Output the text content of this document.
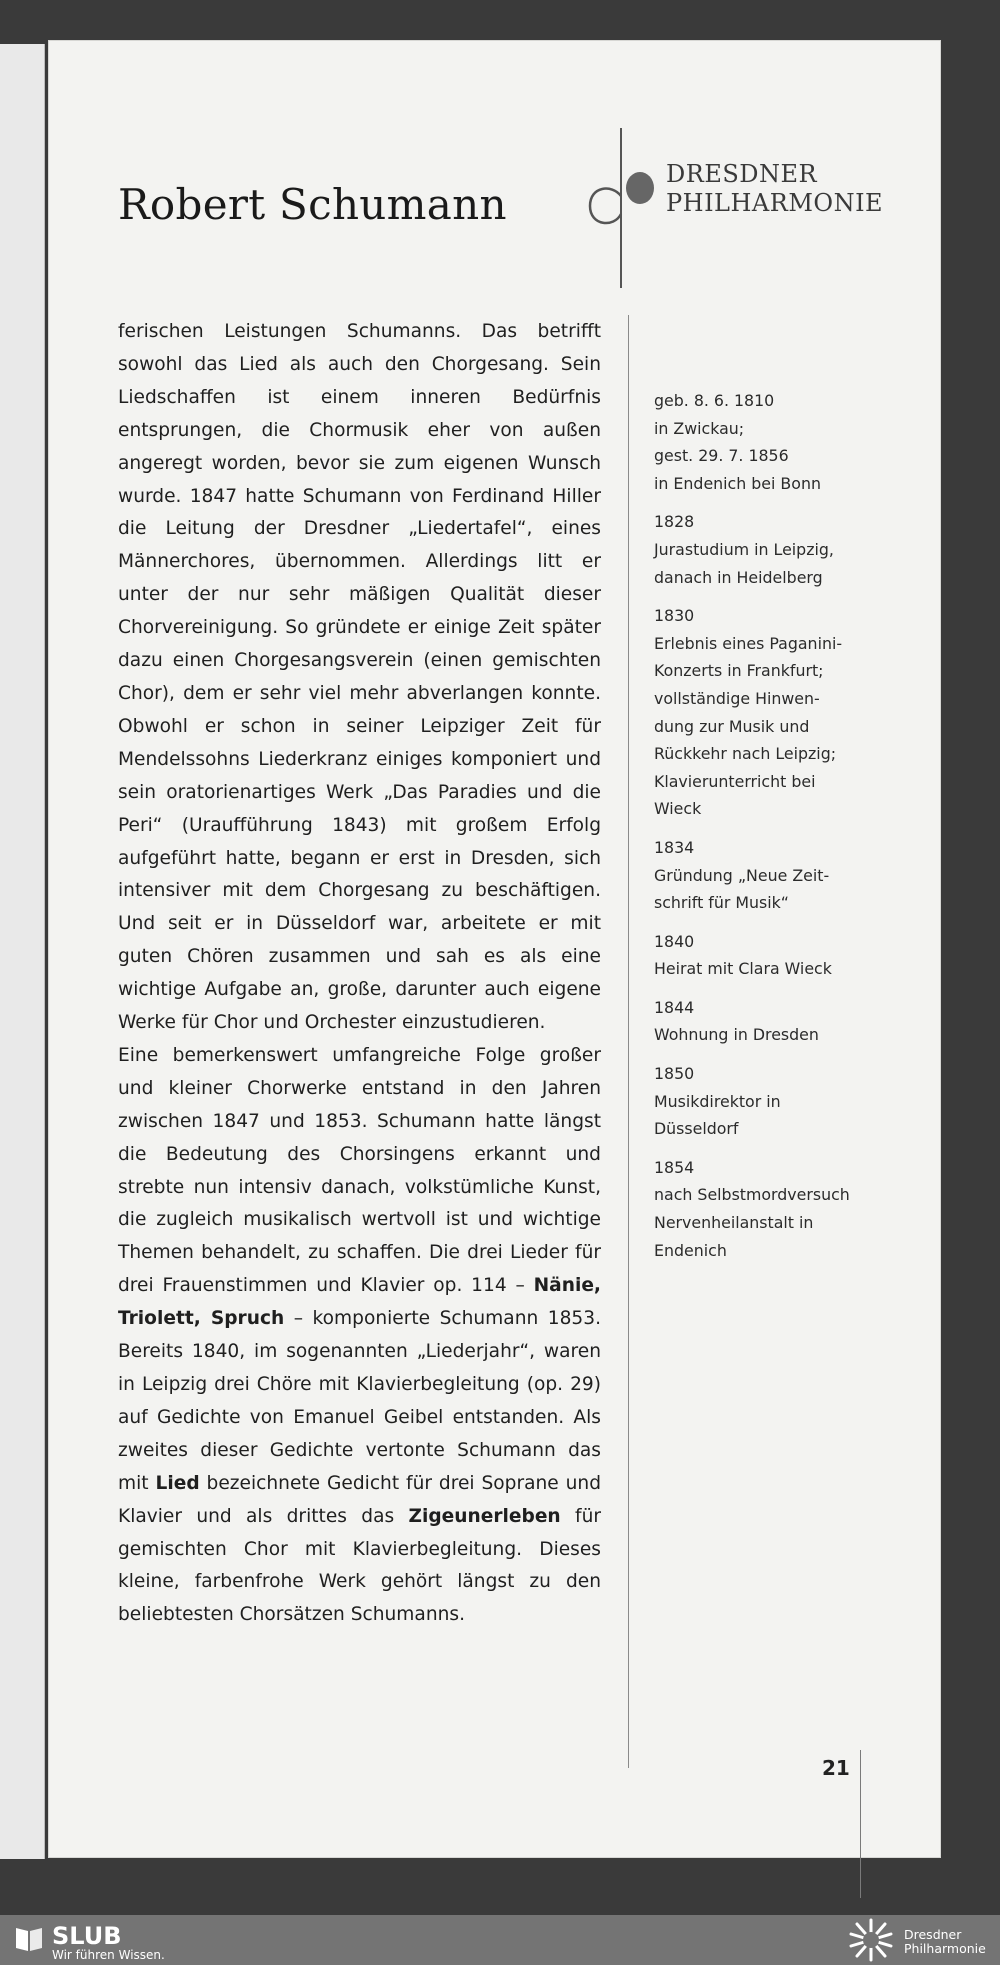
DRESDNER
PHILHARMONIE
Robert Schumann

ferischen Leistungen Schumanns. Das betrifft sowohl das Lied als auch den Chorgesang. Sein Liedschaffen ist einem inneren Bedürfnis entsprungen, die Chormusik eher von außen angeregt worden, bevor sie zum eigenen Wunsch wurde. 1847 hatte Schumann von Ferdinand Hiller die Leitung der Dresdner „Liedertafel“, eines Männerchores, übernommen. Allerdings litt er unter der nur sehr mäßigen Qualität dieser Chorvereinigung. So gründete er einige Zeit später dazu einen Chorgesangsverein (einen gemischten Chor), dem er sehr viel mehr abverlangen konnte. Obwohl er schon in seiner Leipziger Zeit für Mendelssohns Liederkranz einiges komponiert und sein oratorienartiges Werk „Das Paradies und die Peri“ (Uraufführung 1843) mit großem Erfolg aufgeführt hatte, begann er erst in Dresden, sich intensiver mit dem Chorgesang zu beschäftigen. Und seit er in Düsseldorf war, arbeitete er mit guten Chören zusammen und sah es als eine wichtige Aufgabe an, große, darunter auch eigene Werke für Chor und Orchester einzustudieren.

Eine bemerkenswert umfangreiche Folge großer und kleiner Chorwerke entstand in den Jahren zwischen 1847 und 1853. Schumann hatte längst die Bedeutung des Chorsingens erkannt und strebte nun intensiv danach, volkstümliche Kunst, die zugleich musikalisch wertvoll ist und wichtige Themen behandelt, zu schaffen. Die drei Lieder für drei Frauenstimmen und Klavier op. 114 – Nänie, Triolett, Spruch – komponierte Schumann 1853. Bereits 1840, im sogenannten „Liederjahr“, waren in Leipzig drei Chöre mit Klavierbegleitung (op. 29) auf Gedichte von Emanuel Geibel entstanden. Als zweites dieser Gedichte vertonte Schumann das mit Lied bezeichnete Gedicht für drei Soprane und Klavier und als drittes das Zigeunerleben für gemischten Chor mit Klavierbegleitung. Dieses kleine, farbenfrohe Werk gehört längst zu den beliebtesten Chorsätzen Schumanns.

geb. 8. 6. 1810
in Zwickau;
gest. 29. 7. 1856
in Endenich bei Bonn
1828
Jurastudium in Leipzig,
danach in Heidelberg
1830
Erlebnis eines Paganini-
Konzerts in Frankfurt;
vollständige Hinwen-
dung zur Musik und
Rückkehr nach Leipzig;
Klavierunterricht bei
Wieck
1834
Gründung „Neue Zeit-
schrift für Musik“
1840
Heirat mit Clara Wieck
1844
Wohnung in Dresden
1850
Musikdirektor in
Düsseldorf
1854
nach Selbstmordversuch
Nervenheilanstalt in
Endenich
21
SLUB
Wir führen Wissen.
Dresdner
Philharmonie
